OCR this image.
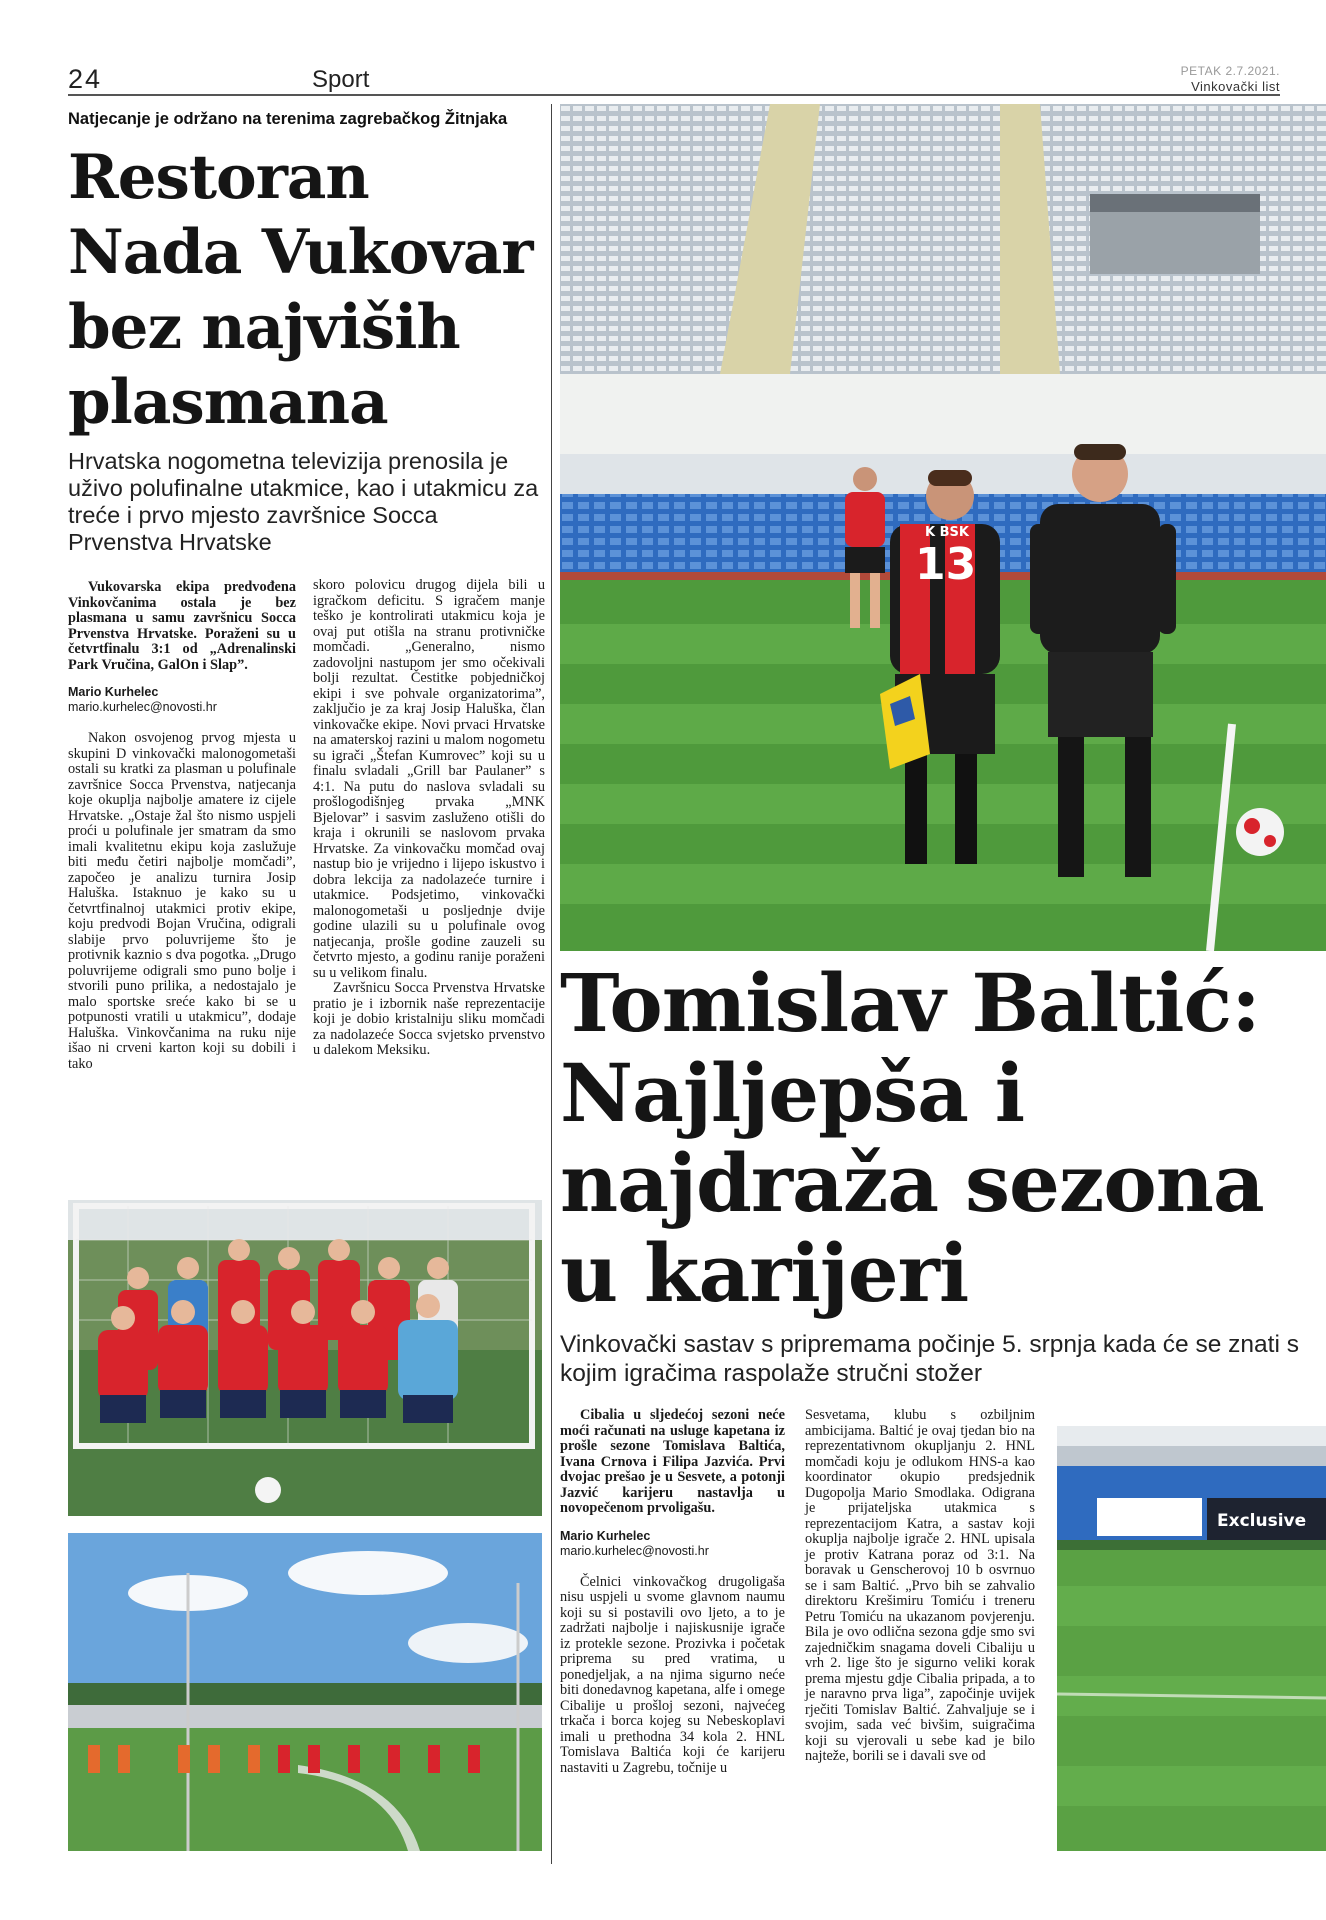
24	Sport	PETAK 2.7.2021.
Vinkovački list
Natjecanje je održano na terenima zagrebačkog Žitnjaka
Restoran Nada Vukovar bez najviših plasmana
Hrvatska nogometna televizija prenosila je uživo polufinalne utakmice, kao i utakmicu za treće i prvo mjesto završnice Socca Prvenstva Hrvatske

Vukovarska ekipa predvođena Vinkovčanima ostala je bez plasmana u samu završnicu Socca Prvenstva Hrvatske. Poraženi su u četvrtfinalu 3:1 od „Adrenalinski Park Vručina, GalOn i Slap”.

Mario Kurhelec
mario.kurhelec@novosti.hr

Nakon osvojenog prvog mjesta u skupini D vinkovački malonogometaši ostali su kratki za plasman u polufinale završnice Socca Prvenstva, natjecanja koje okuplja najbolje amatere iz cijele Hrvatske. „Ostaje žal što nismo uspjeli proći u polufinale jer smatram da smo imali kvalitetnu ekipu koja zaslužuje biti među četiri najbolje momčadi”, započeo je analizu turnira Josip Haluška. Istaknuo je kako su u četvrtfinalnoj utakmici protiv ekipe, koju predvodi Bojan Vručina, odigrali slabije prvo poluvrijeme što je protivnik kaznio s dva pogotka. „Drugo poluvrijeme odigrali smo puno bolje i stvorili puno prilika, a nedostajalo je malo sportske sreće kako bi se u potpunosti vratili u utakmicu”, dodaje Haluška. Vinkovčanima na ruku nije išao ni crveni karton koji su dobili i tako

skoro polovicu drugog dijela bili u igračkom deficitu. S igračem manje teško je kontrolirati utakmicu koja je ovaj put otišla na stranu protivničke momčadi. „Generalno, nismo zadovoljni nastupom jer smo očekivali bolji rezultat. Čestitke pobjedničkoj ekipi i sve pohvale organizatorima”, zaključio je za kraj Josip Haluška, član vinkovačke ekipe. Novi prvaci Hrvatske na amaterskoj razini u malom nogometu su igrači „Štefan Kumrovec” koji su u finalu svladali „Grill bar Paulaner” s 4:1. Na putu do naslova svladali su prošlogodišnjeg prvaka „MNK Bjelovar” i sasvim zasluženo otišli do kraja i okrunili se naslovom prvaka Hrvatske. Za vinkovačku momčad ovaj nastup bio je vrijedno i lijepo iskustvo i dobra lekcija za nadolazeće turnire i utakmice. Podsjetimo, vinkovački malonogometaši u posljednje dvije godine ulazili su u polufinale ovog natjecanja, prošle godine zauzeli su četvrto mjesto, a godinu ranije poraženi su u velikom finalu.

Završnicu Socca Prvenstva Hrvatske pratio je i izbornik naše reprezentacije koji je dobio kristalniju sliku momčadi za nadolazeće Socca svjetsko prvenstvo u dalekom Meksiku.

13
K BSK
Tomislav Baltić: Najljepša i najdraža sezona u karijeri
Vinkovački sastav s pripremama počinje 5. srpnja kada će se znati s kojim igračima raspolaže stručni stožer

Cibalia u sljedećoj sezoni neće moći računati na usluge kapetana iz prošle sezone Tomislava Baltića, Ivana Crnova i Filipa Jazvića. Prvi dvojac prešao je u Sesvete, a potonji Jazvić karijeru nastavlja u novopečenom prvoligašu.

Mario Kurhelec
mario.kurhelec@novosti.hr

Čelnici vinkovačkog drugoligaša nisu uspjeli u svome glavnom naumu koji su si postavili ovo ljeto, a to je zadržati najbolje i najiskusnije igrače iz protekle sezone. Prozivka i početak priprema su pred vratima, u ponedjeljak, a na njima sigurno neće biti donedavnog kapetana, alfe i omege Cibalije u prošloj sezoni, najvećeg trkača i borca kojeg su Nebeskoplavi imali u prethodna 34 kola 2. HNL Tomislava Baltića koji će karijeru nastaviti u Zagrebu, točnije u

Sesvetama, klubu s ozbiljnim ambicijama. Baltić je ovaj tjedan bio na reprezentativnom okupljanju 2. HNL momčadi koju je odlukom HNS-a kao koordinator okupio predsjednik Dugopolja Mario Smodlaka. Odigrana je prijateljska utakmica s reprezentacijom Katra, a sastav koji okuplja najbolje igrače 2. HNL upisala je protiv Katrana poraz od 3:1. Na boravak u Genscherovoj 10 b osvrnuo se i sam Baltić. „Prvo bih se zahvalio direktoru Krešimiru Tomiću i treneru Petru Tomiću na ukazanom povjerenju. Bila je ovo odlična sezona gdje smo svi zajedničkim snagama doveli Cibaliju u vrh 2. lige što je sigurno veliki korak prema mjestu gdje Cibalia pripada, a to je naravno prva liga”, započinje uvijek rječiti Tomislav Baltić. Zahvaljuje se i svojim, sada već bivšim, suigračima koji su vjerovali u sebe kad je bilo najteže, borili se i davali sve od

Exclusive
